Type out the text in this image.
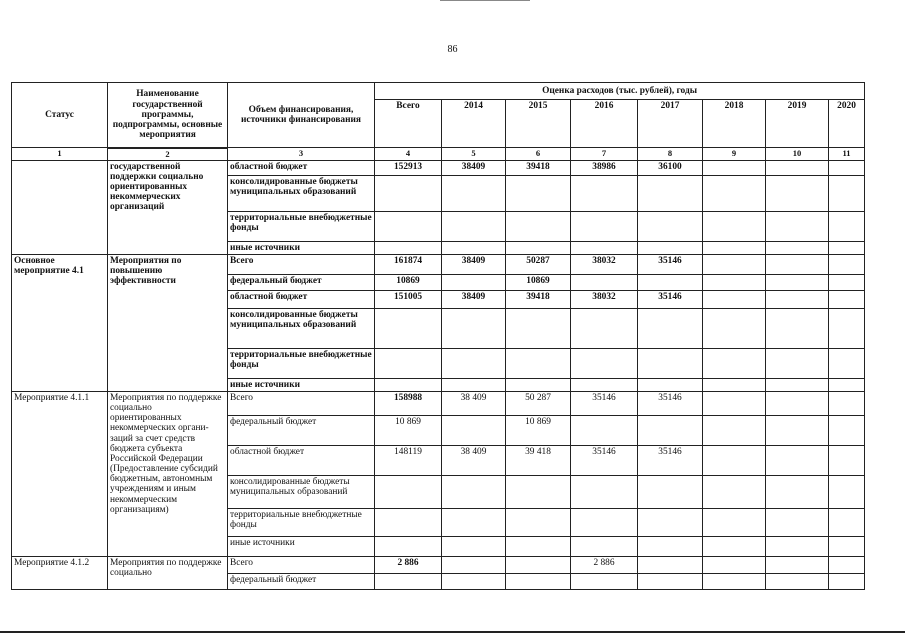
86
Статус	Наименование государственной программы, подпрограммы, основные мероприятия	Объем финансирования, источники финансирования	Оценка расходов (тыс. рублей), годы							
			Всего	2014	2015	2016	2017	2018	2019	2020
1	2	3	4	5	6	7	8	9	10	11
	государственной поддержки социально ориентированных некоммерческих организаций	областной бюджет	152913	38409	39418	38986	36100			
		консолидированные бюджеты муниципальных образований								
		территориальные внебюджетные фонды								
		иные источники								
Основное мероприятие 4.1	Мероприятия по повышению эффективности	Всего	161874	38409	50287	38032	35146			
		федеральный бюджет	10869		10869					
		областной бюджет	151005	38409	39418	38032	35146			
		консолидированные бюджеты муниципальных образований								
		территориальные внебюджетные фонды								
		иные источники								
Мероприятие 4.1.1	Мероприятия по поддержке социально ориентированных некоммерческих органи-заций за счет средств бюджета субъекта Российской Федерации (Предоставление субсидий бюджетным, автономным учреждениям и иным некоммерческим организациям)	Всего	158988	38 409	50 287	35146	35146			
		федеральный бюджет	10 869		10 869					
		областной бюджет	148119	38 409	39 418	35146	35146			
		консолидированные бюджеты муниципальных образований								
		территориальные внебюджетные фонды								
		иные источники								
Мероприятие 4.1.2	Мероприятия по поддержке социально	Всего	2 886			2 886				
		федеральный бюджет								
